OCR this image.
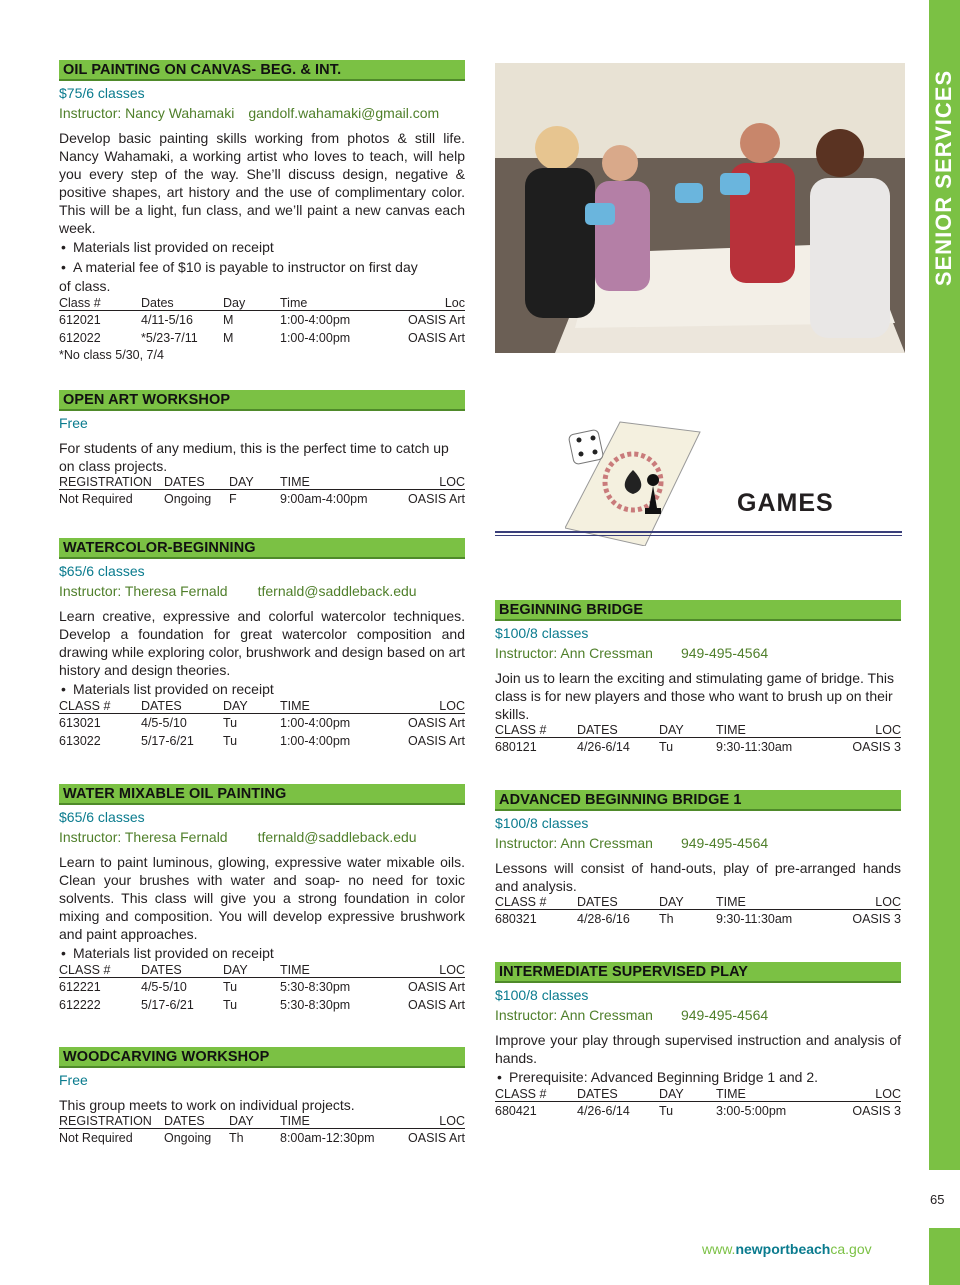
SENIOR SERVICES
OIL PAINTING ON CANVAS- BEG. & INT.
$75/6 classes
Instructor: Nancy Wahamaki gandolf.wahamaki@gmail.com
Develop basic painting skills working from photos & still life. Nancy Wahamaki, a working artist who loves to teach, will help you every step of the way. She’ll discuss design, negative & positive shapes, art history and the use of complimentary color. This will be a light, fun class, and we’ll paint a new canvas each week.
• Materials list provided on receipt
• A material fee of $10 is payable to instructor on first day
of class.
Class #	Dates	Day	Time	Loc
612021	4/11-5/16	M	1:00-4:00pm	OASIS Art
612022	*5/23-7/11	M	1:00-4:00pm	OASIS Art
*No class 5/30, 7/4
OPEN ART WORKSHOP
Free
For students of any medium, this is the perfect time to catch up on class projects.
REGISTRATION	DATES	DAY	TIME	LOC
Not Required	Ongoing	F	9:00am-4:00pm	OASIS Art
WATERCOLOR-BEGINNING
$65/6 classes
Instructor: Theresa Fernald tfernald@saddleback.edu
Learn creative, expressive and colorful watercolor techniques. Develop a foundation for great watercolor composition and drawing while exploring color, brushwork and design based on art history and design theories.
• Materials list provided on receipt
CLASS #	DATES	DAY	TIME	LOC
613021	4/5-5/10	Tu	1:00-4:00pm	OASIS Art
613022	5/17-6/21	Tu	1:00-4:00pm	OASIS Art
WATER MIXABLE OIL PAINTING
$65/6 classes
Instructor: Theresa Fernald tfernald@saddleback.edu
Learn to paint luminous, glowing, expressive water mixable oils. Clean your brushes with water and soap- no need for toxic solvents. This class will give you a strong foundation in color mixing and composition. You will develop expressive brushwork and paint approaches.
• Materials list provided on receipt
CLASS #	DATES	DAY	TIME	LOC
612221	4/5-5/10	Tu	5:30-8:30pm	OASIS Art
612222	5/17-6/21	Tu	5:30-8:30pm	OASIS Art
WOODCARVING WORKSHOP
Free
This group meets to work on individual projects.
REGISTRATION	DATES	DAY	TIME	LOC
Not Required	Ongoing	Th	8:00am-12:30pm	OASIS Art
GAMES
BEGINNING BRIDGE
$100/8 classes
Instructor: Ann Cressman 949-495-4564
Join us to learn the exciting and stimulating game of bridge. This class is for new players and those who want to brush up on their skills.
CLASS #	DATES	DAY	TIME	LOC
680121	4/26-6/14	Tu	9:30-11:30am	OASIS 3
ADVANCED BEGINNING BRIDGE 1
$100/8 classes
Instructor: Ann Cressman 949-495-4564
Lessons will consist of hand-outs, play of pre-arranged hands and analysis.
CLASS #	DATES	DAY	TIME	LOC
680321	4/28-6/16	Th	9:30-11:30am	OASIS 3
INTERMEDIATE SUPERVISED PLAY
$100/8 classes
Instructor: Ann Cressman 949-495-4564
Improve your play through supervised instruction and analysis of hands.
• Prerequisite: Advanced Beginning Bridge 1 and 2.
CLASS #	DATES	DAY	TIME	LOC
680421	4/26-6/14	Tu	3:00-5:00pm	OASIS 3
65
www.newportbeachca.gov
